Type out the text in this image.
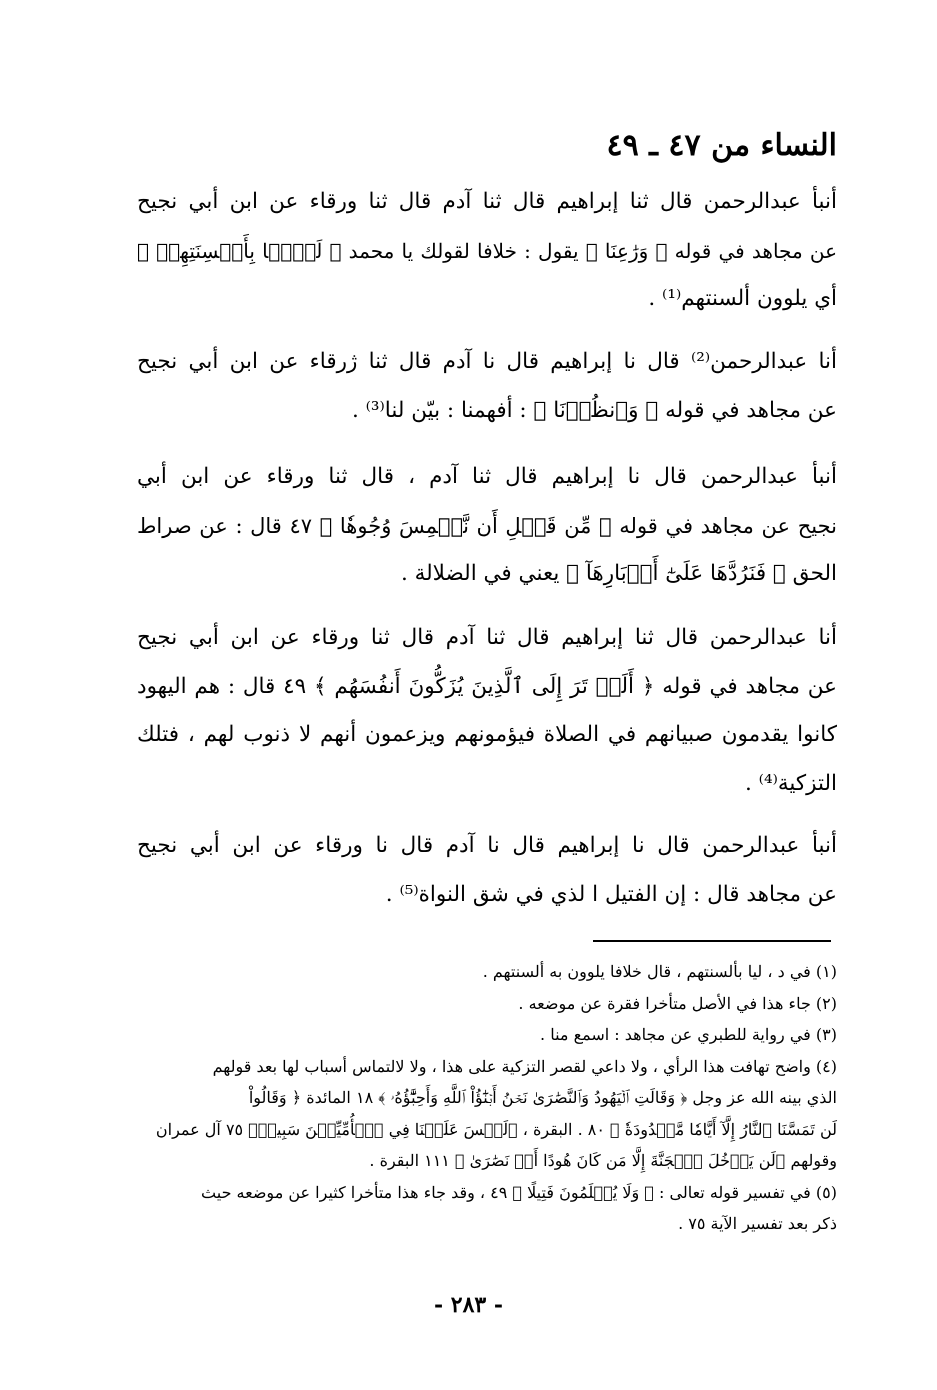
النساء من ٤٧ ـ ٤٩

أنبأ عبدالرحمن قال ثنا إبراهيم قال ثنا آدم قال ثنا ورقاء عن ابن أبي نجيح
عن مجاهد في قوله ﴿ وَرَٰعِنَا ﴾ يقول : خلافا لقولك يا محمد ﴿ لَيَّۢا بِأَلۡسِنَتِهِمۡ ﴾
أي يلوون ألسنتهم⁽¹⁾ .

أنا عبدالرحمن⁽²⁾ قال نا إبراهيم قال نا آدم قال ثنا ژرقاء عن ابن أبي نجيح
عن مجاهد في قوله ﴿ وَٱنظُرۡنَا ﴾ : أفهمنا : بيّن لنا⁽³⁾ .

أنبأ عبدالرحمن قال نا إبراهيم قال ثنا آدم ، قال ثنا ورقاء عن ابن أبي
نجيح عن مجاهد في قوله ﴿ مِّن قَبۡلِ أَن نَّطۡمِسَ وُجُوهٗا ﴾ ٤٧ قال : عن صراط
الحق ﴿ فَنَرُدَّهَا عَلَىٰٓ أَدۡبَارِهَآ ﴾ يعني في الضلالة .

أنا عبدالرحمن قال ثنا إبراهيم قال ثنا آدم قال ثنا ورقاء عن ابن أبي نجيح
عن مجاهد في قوله ﴿ أَلَمۡ تَرَ إِلَى ٱلَّذِينَ يُزَكُّونَ أَنفُسَهُم ﴾ ٤٩ قال : هم اليهود
كانوا يقدمون صبيانهم في الصلاة فيؤمونهم ويزعمون أنهم لا ذنوب لهم ، فتلك
التزكية⁽⁴⁾ .

أنبأ عبدالرحمن قال نا إبراهيم قال نا آدم قال نا ورقاء عن ابن أبي نجيح
عن مجاهد قال : إن الفتيل ا لذي في شق النواة⁽⁵⁾ .

(١) في د ، ليا بألسنتهم ، قال خلافا يلوون به ألسنتهم .

(٢) جاء هذا في الأصل متأخرا فقرة عن موضعه .

(٣) في رواية للطبري عن مجاهد : اسمع منا .

(٤) واضح تهافت هذا الرأي ، ولا داعي لقصر التزكية على هذا ، ولا لالتماس أسباب لها بعد قولهم

الذي بينه الله عز وجل ﴿ وَقَالَتِ ٱلۡيَهُودُ وَٱلنَّصَٰرَىٰ نَحۡنُ أَبۡنَٰٓؤُاْ ٱللَّهِ وَأَحِبَّٰٓؤُهُۥ ﴾ ١٨ المائدة ﴿ وَقَالُواْ

لَن تَمَسَّنَا ٱلنَّارُ إِلَّآ أَيَّامٗا مَّعۡدُودَةٗ ﴾ ٨٠ . البقرة ، ﴿لَيۡسَ عَلَيۡنَا فِي ٱلۡأُمِّيِّـۧنَ سَبِيلٞ﴾ ٧٥ آل عمران

وقولهم ﴿لَن يَدۡخُلَ ٱلۡجَنَّةَ إِلَّا مَن كَانَ هُودًا أَوۡ نَصَٰرَىٰ ﴾ ١١١ البقرة .

(٥) في تفسير قوله تعالى : ﴿ وَلَا يُظۡلَمُونَ فَتِيلًا ﴾ ٤٩ ، وقد جاء هذا متأخرا كثيرا عن موضعه حيث

ذكر بعد تفسير الآية ٧٥ .

- ٢٨٣ -
